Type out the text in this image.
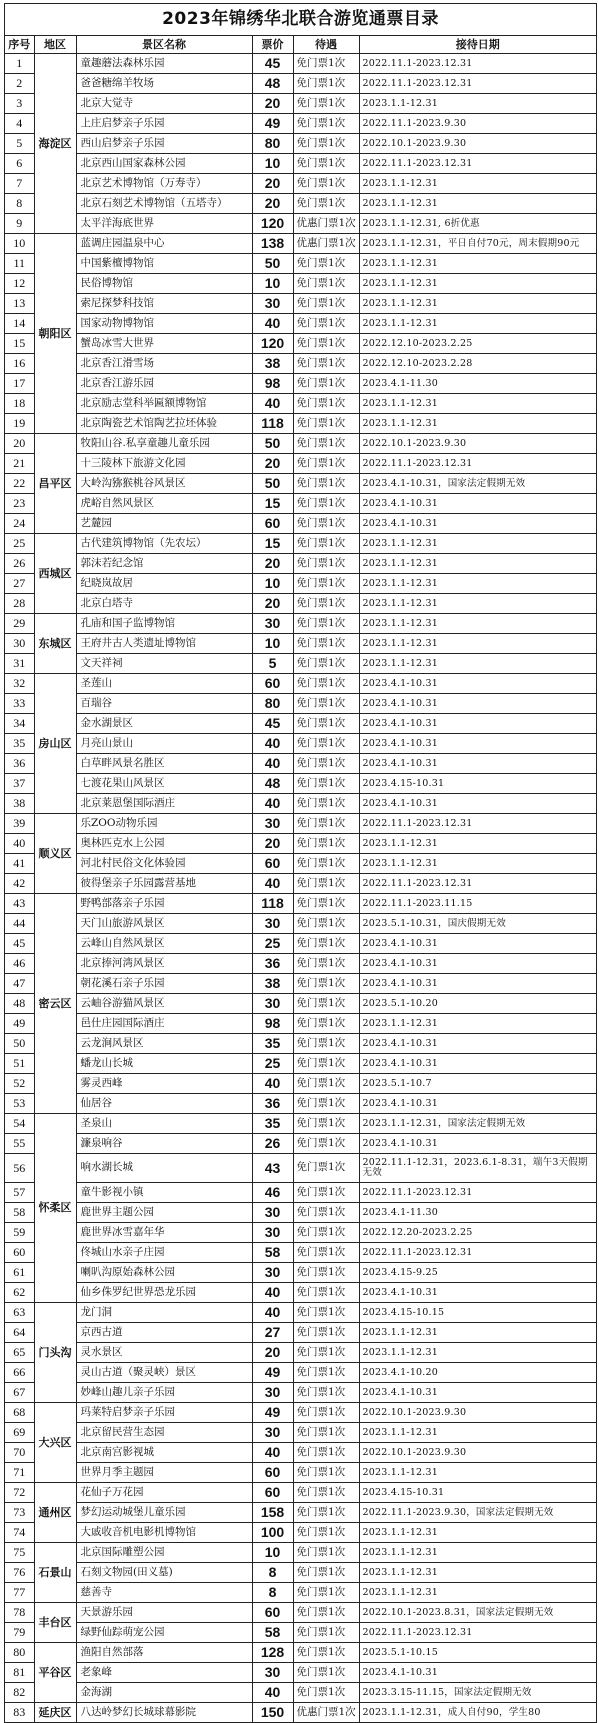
2023年锦绣华北联合游览通票目录
序号	地区	景区名称	票价	待遇	接待日期
1	海淀区	童趣蘑法森林乐园	45	免门票1次	2022.11.1-2023.12.31
2		爸爸糖绵羊牧场	48	免门票1次	2022.11.1-2023.12.31
3		北京大觉寺	20	免门票1次	2023.1.1-12.31
4		上庄启梦亲子乐园	49	免门票1次	2022.11.1-2023.9.30
5		西山启梦亲子乐园	80	免门票1次	2022.10.1-2023.9.30
6		北京西山国家森林公园	10	免门票1次	2022.11.1-2023.12.31
7		北京艺术博物馆（万寿寺）	20	免门票1次	2023.1.1-12.31
8		北京石刻艺术博物馆（五塔寺）	20	免门票1次	2023.1.1-12.31
9		太平洋海底世界	120	优惠门票1次	2023.1.1-12.31, 6折优惠
10	朝阳区	蓝调庄园温泉中心	138	优惠门票1次	2023.1.1-12.31，平日自付70元，周末假期90元
11		中国紫檀博物馆	50	免门票1次	2023.1.1-12.31
12		民俗博物馆	10	免门票1次	2023.1.1-12.31
13		索尼探梦科技馆	30	免门票1次	2023.1.1-12.31
14		国家动物博物馆	40	免门票1次	2023.1.1-12.31
15		蟹岛冰雪大世界	120	免门票1次	2022.12.10-2023.2.25
16		北京香江滑雪场	38	免门票1次	2022.12.10-2023.2.28
17		北京香江游乐园	98	免门票1次	2023.4.1-11.30
18		北京励志堂科举匾额博物馆	40	免门票1次	2023.1.1-12.31
19		北京陶瓷艺术馆陶艺拉坯体验	118	免门票1次	2023.1.1-12.31
20	昌平区	牧阳山谷.私享童趣儿童乐园	50	免门票1次	2022.10.1-2023.9.30
21		十三陵林下旅游文化园	20	免门票1次	2022.11.1-2023.12.31
22		大岭沟猕猴桃谷风景区	50	免门票1次	2023.4.1-10.31，国家法定假期无效
23		虎峪自然风景区	15	免门票1次	2023.4.1-10.31
24		艺麓园	60	免门票1次	2023.4.1-10.31
25	西城区	古代建筑博物馆（先农坛）	15	免门票1次	2023.1.1-12.31
26		郭沫若纪念馆	20	免门票1次	2023.1.1-12.31
27		纪晓岚故居	10	免门票1次	2023.1.1-12.31
28		北京白塔寺	20	免门票1次	2023.1.1-12.31
29	东城区	孔庙和国子监博物馆	30	免门票1次	2023.1.1-12.31
30		王府井古人类遗址博物馆	10	免门票1次	2023.1.1-12.31
31		文天祥祠	5	免门票1次	2023.1.1-12.31
32	房山区	圣莲山	60	免门票1次	2023.4.1-10.31
33		百瑞谷	80	免门票1次	2023.4.1-10.31
34		金水湖景区	45	免门票1次	2023.4.1-10.31
35		月亮山景山	40	免门票1次	2023.4.1-10.31
36		白草畔风景名胜区	40	免门票1次	2023.4.1-10.31
37		七渡花果山风景区	48	免门票1次	2023.4.15-10.31
38		北京莱恩堡国际酒庄	40	免门票1次	2023.4.1-10.31
39	顺义区	乐ZOO动物乐园	30	免门票1次	2022.11.1-2023.12.31
40		奥林匹克水上公园	20	免门票1次	2023.1.1-12.31
41		河北村民俗文化体验园	60	免门票1次	2023.1.1-12.31
42		彼得堡亲子乐园露营基地	40	免门票1次	2022.11.1-2023.12.31
43	密云区	野鸭部落亲子乐园	118	免门票1次	2022.11.1-2023.11.15
44		天门山旅游风景区	30	免门票1次	2023.5.1-10.31，国庆假期无效
45		云峰山自然风景区	25	免门票1次	2023.4.1-10.31
46		北京捧河湾风景区	36	免门票1次	2023.4.1-10.31
47		朝花溪石亲子乐园	38	免门票1次	2023.4.1-10.31
48		云岫谷游猫风景区	30	免门票1次	2023.5.1-10.20
49		邑仕庄园国际酒庄	98	免门票1次	2023.1.1-12.31
50		云龙涧风景区	35	免门票1次	2023.4.1-10.31
51		蟠龙山长城	25	免门票1次	2023.4.1-10.31
52		雾灵西峰	40	免门票1次	2023.5.1-10.7
53		仙居谷	36	免门票1次	2023.4.1-10.31
54	怀柔区	圣泉山	35	免门票1次	2023.1.1-12.31，国家法定假期无效
55		濂泉响谷	26	免门票1次	2023.4.1-10.31
56		响水湖长城	43	免门票1次	2022.11.1-12.31，2023.6.1-8.31，端午3天假期无效
57		童牛影视小镇	46	免门票1次	2022.11.1-2023.12.31
58		鹿世界主题公园	30	免门票1次	2023.4.1-11.30
59		鹿世界冰雪嘉年华	30	免门票1次	2022.12.20-2023.2.25
60		佟城山水亲子庄园	58	免门票1次	2022.11.1-2023.12.31
61		喇叭沟原始森林公园	30	免门票1次	2023.4.15-9.25
62		仙乡侏罗纪世界恐龙乐园	40	免门票1次	2023.4.1-10.31
63	门头沟	龙门洞	40	免门票1次	2023.4.15-10.15
64		京西古道	27	免门票1次	2023.1.1-12.31
65		灵水景区	20	免门票1次	2023.1.1-12.31
66		灵山古道（聚灵峡）景区	49	免门票1次	2023.4.1-10.20
67		妙峰山趣儿亲子乐园	30	免门票1次	2023.4.1-10.31
68	大兴区	玛莱特启梦亲子乐园	49	免门票1次	2022.10.1-2023.9.30
69		北京留民营生态园	30	免门票1次	2023.1.1-12.31
70		北京南宫影视城	40	免门票1次	2022.10.1-2023.9.30
71		世界月季主题园	60	免门票1次	2023.1.1-12.31
72	通州区	花仙子万花园	60	免门票1次	2023.4.15-10.31
73		梦幻运动城堡儿童乐园	158	免门票1次	2022.11.1-2023.9.30，国家法定假期无效
74		大戚收音机电影机博物馆	100	免门票1次	2023.1.1-12.31
75	石景山	北京国际雕塑公园	10	免门票1次	2023.1.1-12.31
76		石刻文物园(田义墓)	8	免门票1次	2023.1.1-12.31
77		慈善寺	8	免门票1次	2023.1.1-12.31
78	丰台区	天景游乐园	60	免门票1次	2022.10.1-2023.8.31，国家法定假期无效
79		绿野仙踪萌宠公园	58	免门票1次	2022.11.1-2023.12.31
80	平谷区	渔阳自然部落	128	免门票1次	2023.5.1-10.15
81		老象峰	30	免门票1次	2023.4.1-10.31
82		金海湖	40	免门票1次	2023.3.15-11.15，国家法定假期无效
83	延庆区	八达岭梦幻长城球幕影院	150	优惠门票1次	2023.1.1-12.31，成人自付90，学生80
